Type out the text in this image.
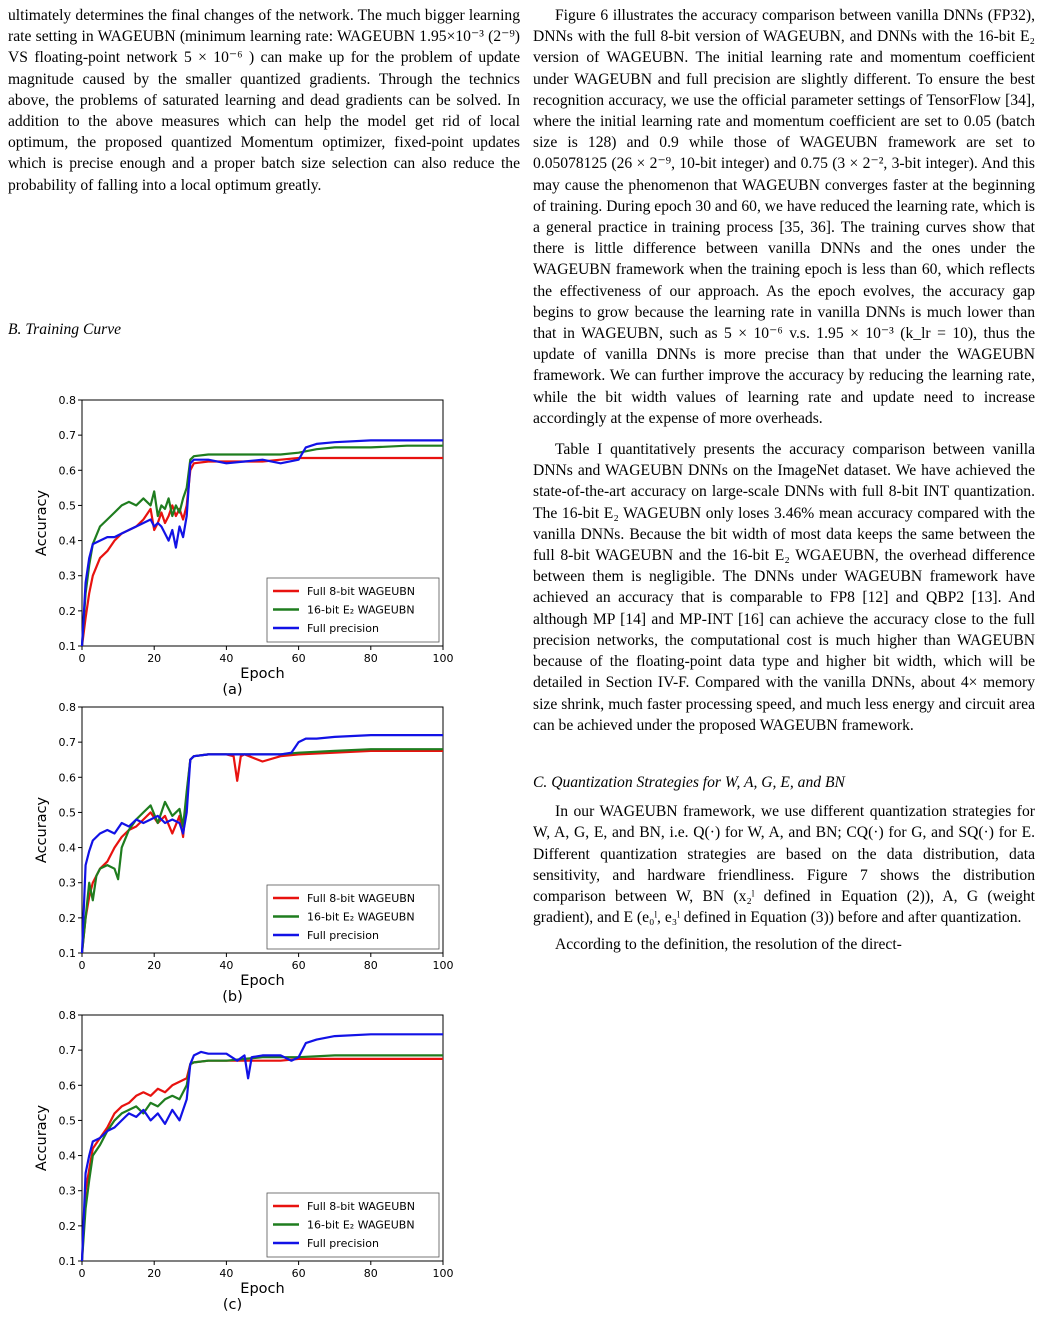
ultimately determines the final changes of the network. The much bigger learning rate setting in WAGEUBN (minimum learning rate: WAGEUBN 1.95×10⁻³ (2⁻⁹) VS floating-point network 5 × 10⁻⁶ ) can make up for the problem of update magnitude caused by the smaller quantized gradients. Through the technics above, the problems of saturated learning and dead gradients can be solved. In addition to the above measures which can help the model get rid of local optimum, the proposed quantized Momentum optimizer, fixed-point updates which is precise enough and a proper batch size selection can also reduce the probability of falling into a local optimum greatly.

B. Training Curve

Figure 6 illustrates the accuracy comparison between vanilla DNNs (FP32), DNNs with the full 8-bit version of WAGEUBN, and DNNs with the 16-bit E₂ version of WAGEUBN. The initial learning rate and momentum coefficient under WAGEUBN and full precision are slightly different. To ensure the best recognition accuracy, we use the official parameter settings of TensorFlow [34], where the initial learning rate and momentum coefficient are set to 0.05 (batch size is 128) and 0.9 while those of WAGEUBN framework are set to 0.05078125 (26 × 2⁻⁹, 10-bit integer) and 0.75 (3 × 2⁻², 3-bit integer). And this may cause the phenomenon that WAGEUBN converges faster at the beginning of training. During epoch 30 and 60, we have reduced the learning rate, which is a general practice in training process [35, 36]. The training curves show that there is little difference between vanilla DNNs and the ones under the WAGEUBN framework when the training epoch is less than 60, which reflects the effectiveness of our approach. As the epoch evolves, the accuracy gap begins to grow because the learning rate in vanilla DNNs is much lower than that in WAGEUBN, such as 5 × 10⁻⁶ v.s. 1.95 × 10⁻³ (k_lr = 10), thus the update of vanilla DNNs is more precise than that under the WAGEUBN framework. We can further improve the accuracy by reducing the learning rate, while the bit width values of learning rate and update need to increase accordingly at the expense of more overheads.

Table I quantitatively presents the accuracy comparison between vanilla DNNs and WAGEUBN DNNs on the ImageNet dataset. We have achieved the state-of-the-art accuracy on large-scale DNNs with full 8-bit INT quantization. The 16-bit E₂ WAGEUBN only loses 3.46% mean accuracy compared with the vanilla DNNs. Because the bit width of most data keeps the same between the full 8-bit WAGEUBN and the 16-bit E₂ WGAEUBN, the overhead difference between them is negligible. The DNNs under WAGEUBN framework have achieved an accuracy that is comparable to FP8 [12] and QBP2 [13]. And although MP [14] and MP-INT [16] can achieve the accuracy close to the full precision networks, the computational cost is much higher than WAGEUBN because of the floating-point data type and higher bit width, which will be detailed in Section IV-F. Compared with the vanilla DNNs, about 4× memory size shrink, much faster processing speed, and much less energy and circuit area can be achieved under the proposed WAGEUBN framework.

C. Quantization Strategies for W, A, G, E, and BN

In our WAGEUBN framework, we use different quantization strategies for W, A, G, E, and BN, i.e. Q(·) for W, A, and BN; CQ(·) for G, and SQ(·) for E. Different quantization strategies are based on the data distribution, data sensitivity, and hardware friendliness. Figure 7 shows the distribution comparison between W, BN (x₂ˡ defined in Equation (2)), A, G (weight gradient), and E (e₀ˡ, e₃ˡ defined in Equation (3)) before and after quantization.

According to the definition, the resolution of the direct-

0.1
0.2
0.3
0.4
0.5
0.6
0.7
0.8
0	20	40	60	80	100
Epoch
Accuracy
(a)
Full 8-bit WAGEUBN
16-bit E₂ WAGEUBN
Full precision
0.1
0.2
0.3
0.4
0.5
0.6
0.7
0.8
0	20	40	60	80	100
Epoch
Accuracy
(b)
Full 8-bit WAGEUBN
16-bit E₂ WAGEUBN
Full precision
0.1
0.2
0.3
0.4
0.5
0.6
0.7
0.8
0	20	40	60	80	100
Epoch
Accuracy
(c)
Full 8-bit WAGEUBN
16-bit E₂ WAGEUBN
Full precision
